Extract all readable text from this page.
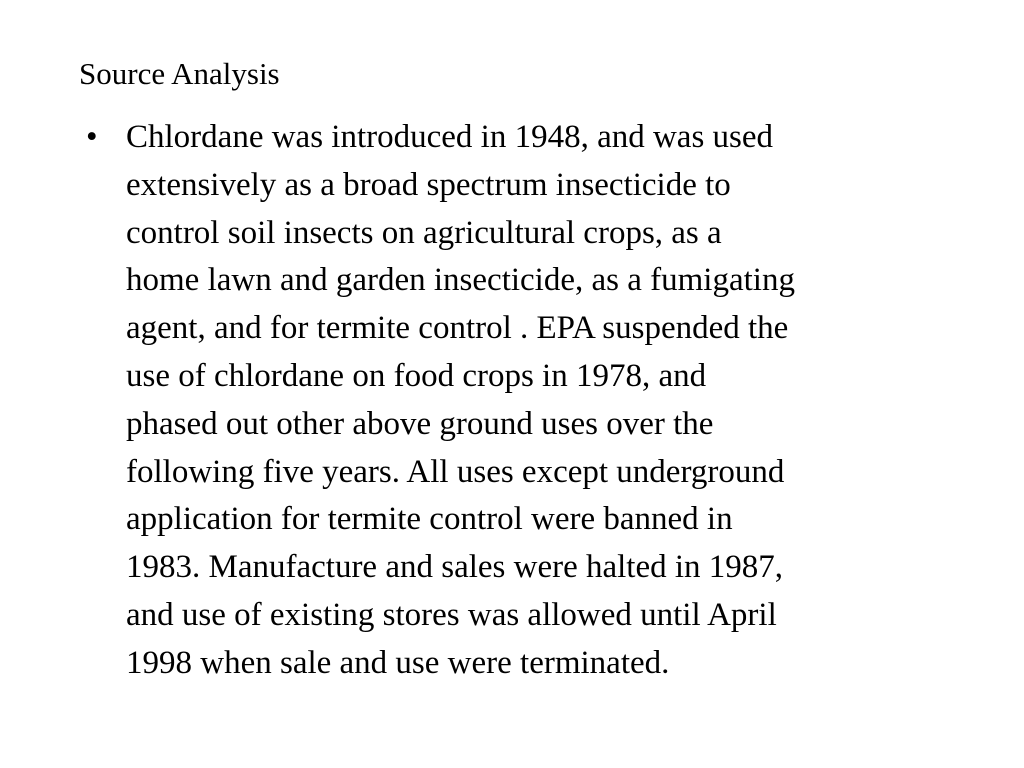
Source Analysis
• Chlordane was introduced in 1948, and was used
extensively as a broad spectrum insecticide to
control soil insects on agricultural crops, as a
home lawn and garden insecticide, as a fumigating
agent, and for termite control . EPA suspended the
use of chlordane on food crops in 1978, and
phased out other above ground uses over the
following five years. All uses except underground
application for termite control were banned in
1983. Manufacture and sales were halted in 1987,
and use of existing stores was allowed until April
1998 when sale and use were terminated.
